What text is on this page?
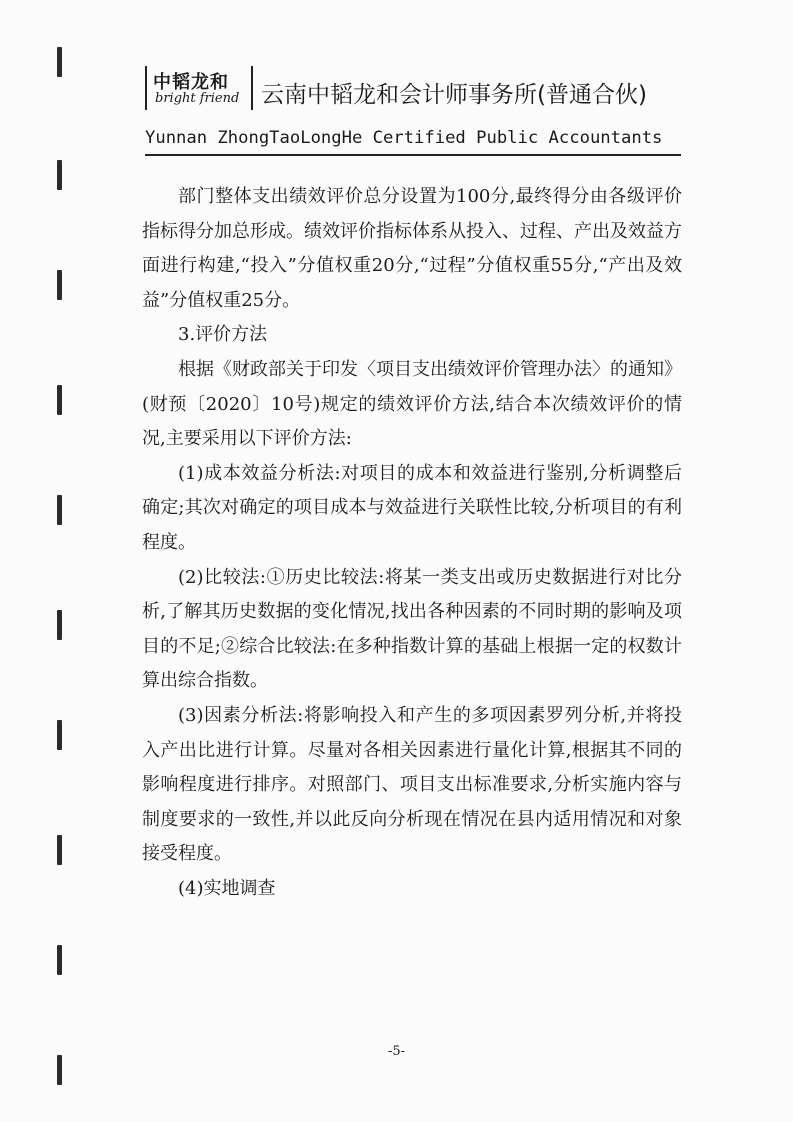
中韬龙和
bright friend 云南中韬龙和会计师事务所(普通合伙)
Yunnan ZhongTaoLongHe Certified Public Accountants

部门整体支出绩效评价总分设置为100分,最终得分由各级评价指标得分加总形成。绩效评价指标体系从投入、过程、产出及效益方面进行构建,“投入”分值权重20分,“过程”分值权重55分,“产出及效益”分值权重25分。

3.评价方法

根据《财政部关于印发〈项目支出绩效评价管理办法〉的通知》(财预〔2020〕10号)规定的绩效评价方法,结合本次绩效评价的情况,主要采用以下评价方法:

(1)成本效益分析法:对项目的成本和效益进行鉴别,分析调整后确定;其次对确定的项目成本与效益进行关联性比较,分析项目的有利程度。

(2)比较法:①历史比较法:将某一类支出或历史数据进行对比分析,了解其历史数据的变化情况,找出各种因素的不同时期的影响及项目的不足;②综合比较法:在多种指数计算的基础上根据一定的权数计算出综合指数。

(3)因素分析法:将影响投入和产生的多项因素罗列分析,并将投入产出比进行计算。尽量对各相关因素进行量化计算,根据其不同的影响程度进行排序。对照部门、项目支出标准要求,分析实施内容与制度要求的一致性,并以此反向分析现在情况在县内适用情况和对象接受程度。

(4)实地调查

-5-
